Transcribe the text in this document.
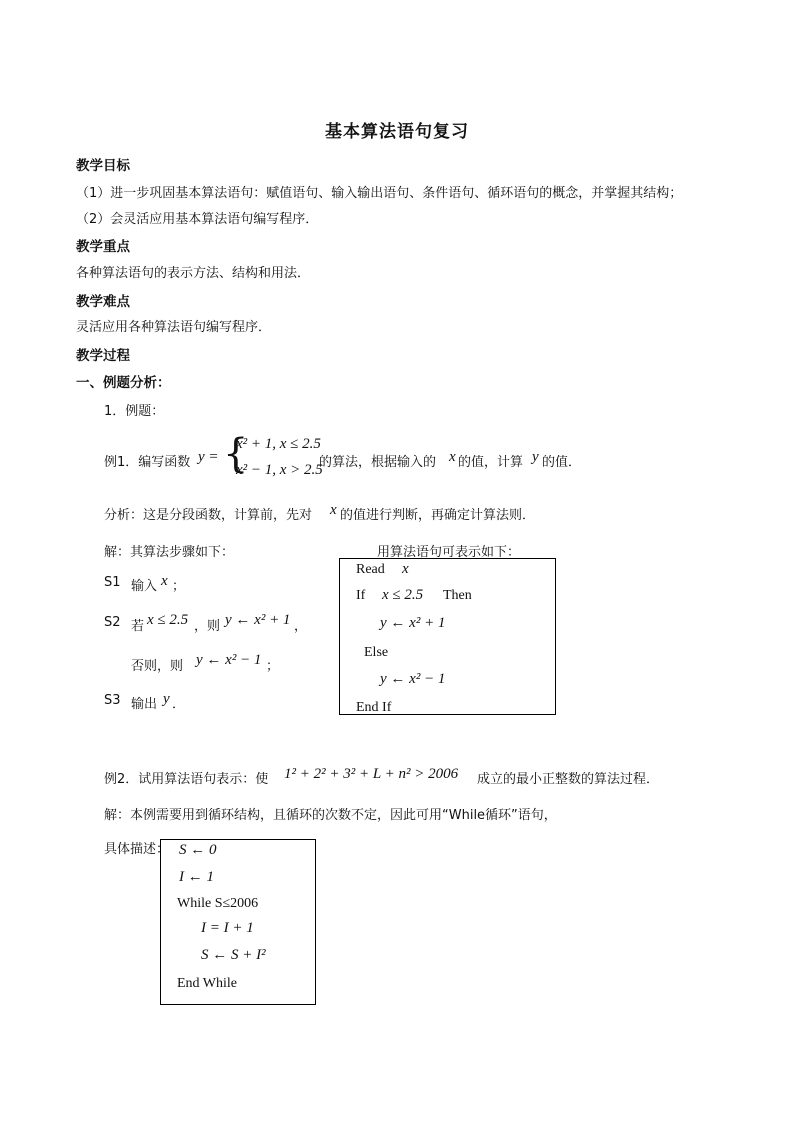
基本算法语句复习
教学目标
（1）进一步巩固基本算法语句：赋值语句、输入输出语句、条件语句、循环语句的概念，并掌握其结构；
（2）会灵活应用基本算法语句编写程序．
教学重点
各种算法语句的表示方法、结构和用法．
教学难点
灵活应用各种算法语句编写程序．
教学过程
一、例题分析：
1．例题：
例1．编写函数 y = {
x² + 1, x ≤ 2.5
x² − 1, x > 2.5
的算法，根据输入的 x 的值，计算 y 的值．
分析：这是分段函数，计算前，先对 x 的值进行判断，再确定计算法则．
解：其算法步骤如下：	用算法语句可表示如下：
S1 输入 x ；
S2 若 x ≤ 2.5 ，则 y ← x² + 1 ，
否则，则 y ← x² − 1 ；
S3 输出 y ．
Read x
If x ≤ 2.5 Then
y ← x² + 1
Else
y ← x² − 1
End If
例2．试用算法语句表示：使 1² + 2² + 3² + L + n² > 2006 成立的最小正整数的算法过程．
解：本例需要用到循环结构，且循环的次数不定，因此可用“While循环”语句，
具体描述： S ← 0
I ← 1
While S≤2006
I = I + 1
S ← S + I²
End While
